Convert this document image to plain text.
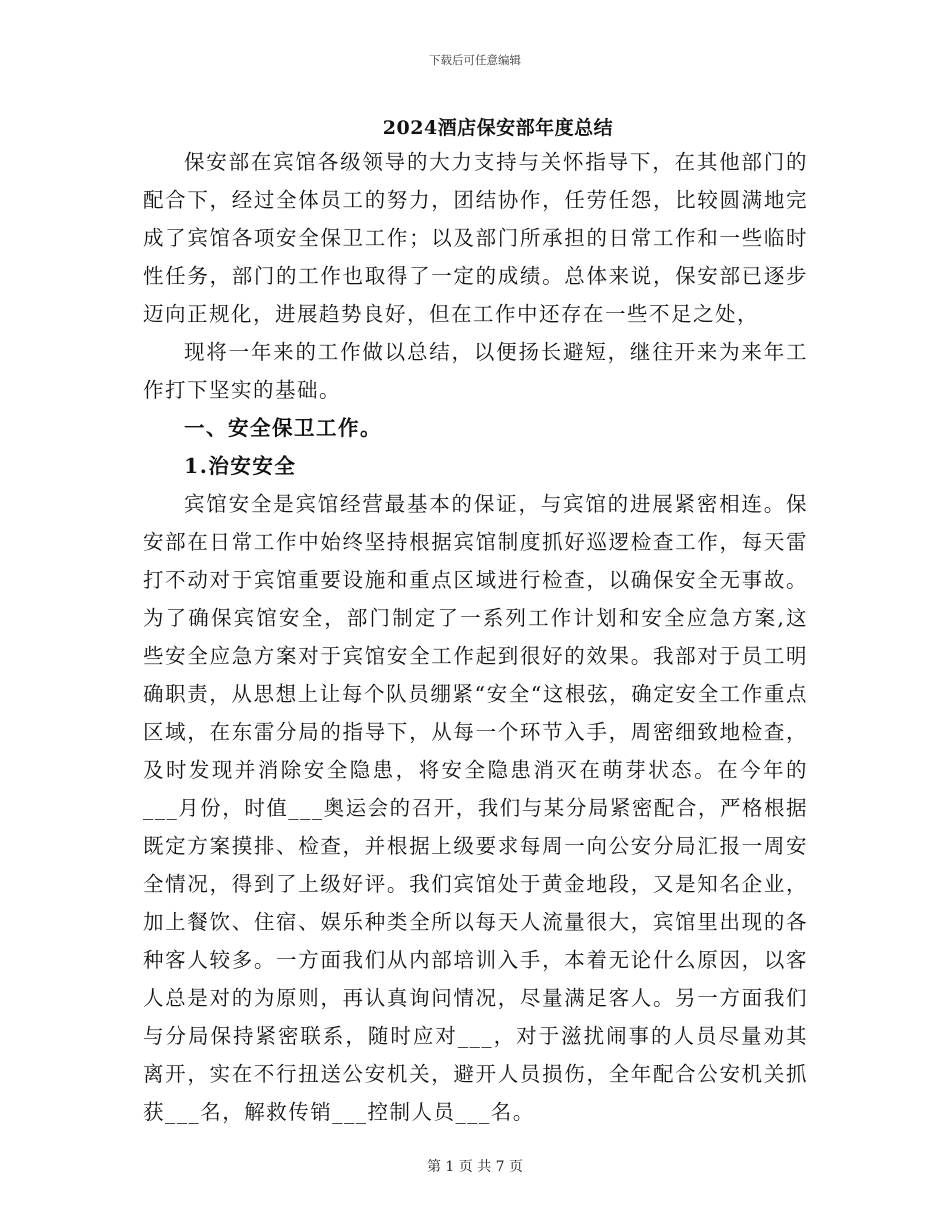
下载后可任意编辑
2024酒店保安部年度总结

保安部在宾馆各级领导的大力支持与关怀指导下，在其他部门的配合下，经过全体员工的努力，团结协作，任劳任怨，比较圆满地完成了宾馆各项安全保卫工作；以及部门所承担的日常工作和一些临时性任务，部门的工作也取得了一定的成绩。总体来说，保安部已逐步迈向正规化，进展趋势良好，但在工作中还存在一些不足之处，

现将一年来的工作做以总结，以便扬长避短，继往开来为来年工作打下坚实的基础。

一、安全保卫工作。

1.治安安全

宾馆安全是宾馆经营最基本的保证，与宾馆的进展紧密相连。保安部在日常工作中始终坚持根据宾馆制度抓好巡逻检查工作，每天雷打不动对于宾馆重要设施和重点区域进行检查，以确保安全无事故。为了确保宾馆安全，部门制定了一系列工作计划和安全应急方案,这些安全应急方案对于宾馆安全工作起到很好的效果。我部对于员工明确职责，从思想上让每个队员绷紧“安全“这根弦，确定安全工作重点区域，在东雷分局的指导下，从每一个环节入手，周密细致地检查，及时发现并消除安全隐患，将安全隐患消灭在萌芽状态。在今年的___月份，时值___奥运会的召开，我们与某分局紧密配合，严格根据既定方案摸排、检查，并根据上级要求每周一向公安分局汇报一周安全情况，得到了上级好评。我们宾馆处于黄金地段，又是知名企业，加上餐饮、住宿、娱乐种类全所以每天人流量很大，宾馆里出现的各种客人较多。一方面我们从内部培训入手，本着无论什么原因，以客人总是对的为原则，再认真询问情况，尽量满足客人。另一方面我们与分局保持紧密联系，随时应对___，对于滋扰闹事的人员尽量劝其离开，实在不行扭送公安机关，避开人员损伤，全年配合公安机关抓获___名，解救传销___控制人员___名。

第 1 页 共 7 页
